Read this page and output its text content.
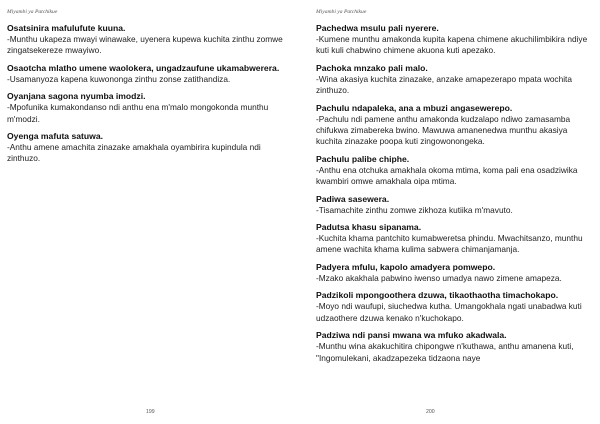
Miyambi ya Patchikue
Osatsinira mafulufute kuuna.
-Munthu ukapeza mwayi winawake, uyenera kupewa kuchita zinthu zomwe zingatsekereze mwayiwo.
Osaotcha mlatho umene waolokera, ungadzaufune ukamabwerera.
-Usamanyoza kapena kuwononga zinthu zonse zatithandiza.
Oyanjana sagona nyumba imodzi.
-Mpofunika kumakondanso ndi anthu ena m'malo mongokonda munthu m'modzi.
Oyenga mafuta satuwa.
-Anthu amene amachita zinazake amakhala oyambirira kupindula ndi zinthuzo.
199
Miyambi ya Patchikue
Pachedwa msulu pali nyerere.
-Kumene munthu amakonda kupita kapena chimene akuchilimbikira ndiye kuti kuli chabwino chimene akuona kuti apezako.
Pachoka mnzako pali malo.
-Wina akasiya kuchita zinazake, anzake amapezerapo mpata wochita zinthuzo.
Pachulu ndapaleka, ana a mbuzi angasewerepo.
-Pachulu ndi pamene anthu amakonda kudzalapo ndiwo zamasamba chifukwa zimabereka bwino. Mawuwa amanenedwa munthu akasiya kuchita zinazake poopa kuti zingowonongeka.
Pachulu palibe chiphe.
-Anthu ena otchuka amakhala okoma mtima, koma pali ena osadziwika kwambiri omwe amakhala oipa mtima.
Padiwa sasewera.
-Tisamachite zinthu zomwe zikhoza kutiika m'mavuto.
Padutsa khasu sipanama.
-Kuchita khama pantchito kumabweretsa phindu. Mwachitsanzo, munthu amene wachita khama kulima sabwera chimanjamanja.
Padyera mfulu, kapolo amadyera pomwepo.
-Mzako akakhala pabwino iwenso umadya nawo zimene amapeza.
Padzikoli mpongoothera dzuwa, tikaothaotha timachokapo.
-Moyo ndi waufupi, siuchedwa kutha. Umangokhala ngati unabadwa kuti udzaothere dzuwa kenako n'kuchokapo.
Padziwa ndi pansi mwana wa mfuko akadwala.
-Munthu wina akakuchitira chipongwe n'kuthawa, anthu amanena kuti, "Ingomulekani, akadzapezeka tidzaona naye
200
